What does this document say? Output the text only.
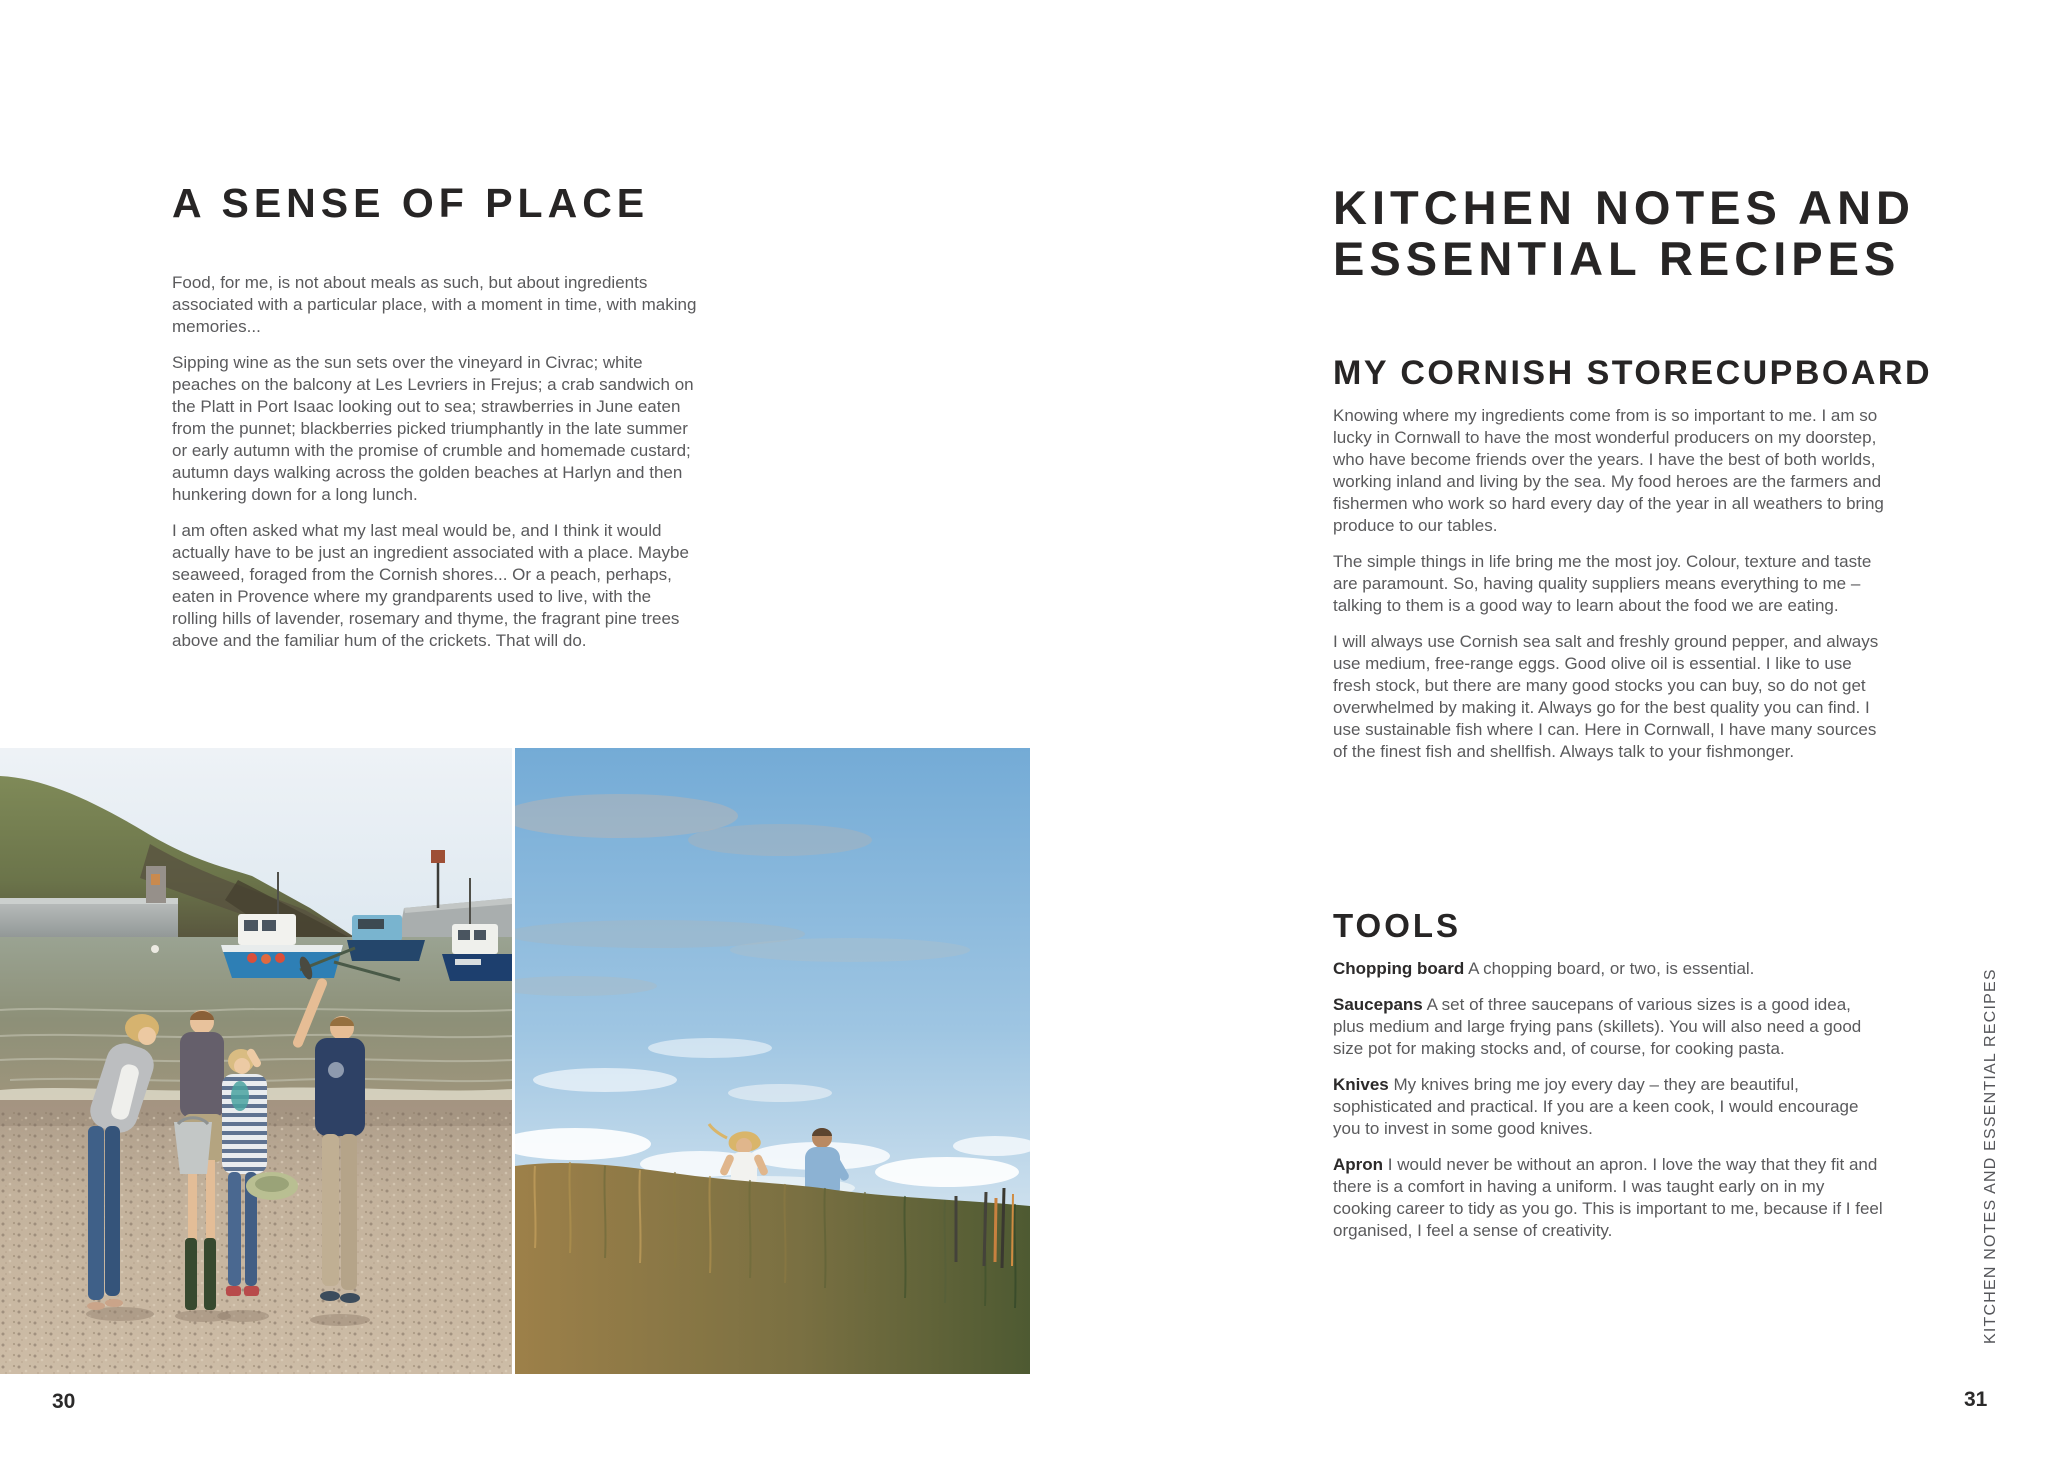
A SENSE OF PLACE

Food, for me, is not about meals as such, but about ingredients associated with a particular place, with a moment in time, with making memories...

Sipping wine as the sun sets over the vineyard in Civrac; white peaches on the balcony at Les Levriers in Frejus; a crab sandwich on the Platt in Port Isaac looking out to sea; strawberries in June eaten from the punnet; blackberries picked triumphantly in the late summer or early autumn with the promise of crumble and homemade custard; autumn days walking across the golden beaches at Harlyn and then hunkering down for a long lunch.

I am often asked what my last meal would be, and I think it would actually have to be just an ingredient associated with a place. Maybe seaweed, foraged from the Cornish shores... Or a peach, perhaps, eaten in Provence where my grandparents used to live, with the rolling hills of lavender, rosemary and thyme, the fragrant pine trees above and the familiar hum of the crickets. That will do.

30
KITCHEN NOTES AND
ESSENTIAL RECIPES
MY CORNISH STORECUPBOARD

Knowing where my ingredients come from is so important to me. I am so lucky in Cornwall to have the most wonderful producers on my doorstep, who have become friends over the years. I have the best of both worlds, working inland and living by the sea. My food heroes are the farmers and fishermen who work so hard every day of the year in all weathers to bring produce to our tables.

The simple things in life bring me the most joy. Colour, texture and taste are paramount. So, having quality suppliers means everything to me – talking to them is a good way to learn about the food we are eating.

I will always use Cornish sea salt and freshly ground pepper, and always use medium, free-range eggs. Good olive oil is essential. I like to use fresh stock, but there are many good stocks you can buy, so do not get overwhelmed by making it. Always go for the best quality you can find. I use sustainable fish where I can. Here in Cornwall, I have many sources of the finest fish and shellfish. Always talk to your fishmonger.

TOOLS

Chopping board A chopping board, or two, is essential.

Saucepans A set of three saucepans of various sizes is a good idea, plus medium and large frying pans (skillets). You will also need a good size pot for making stocks and, of course, for cooking pasta.

Knives My knives bring me joy every day – they are beautiful, sophisticated and practical. If you are a keen cook, I would encourage you to invest in some good knives.

Apron I would never be without an apron. I love the way that they fit and there is a comfort in having a uniform. I was taught early on in my cooking career to tidy as you go. This is important to me, because if I feel organised, I feel a sense of creativity.	KITCHEN NOTES AND ESSENTIAL RECIPES
31
